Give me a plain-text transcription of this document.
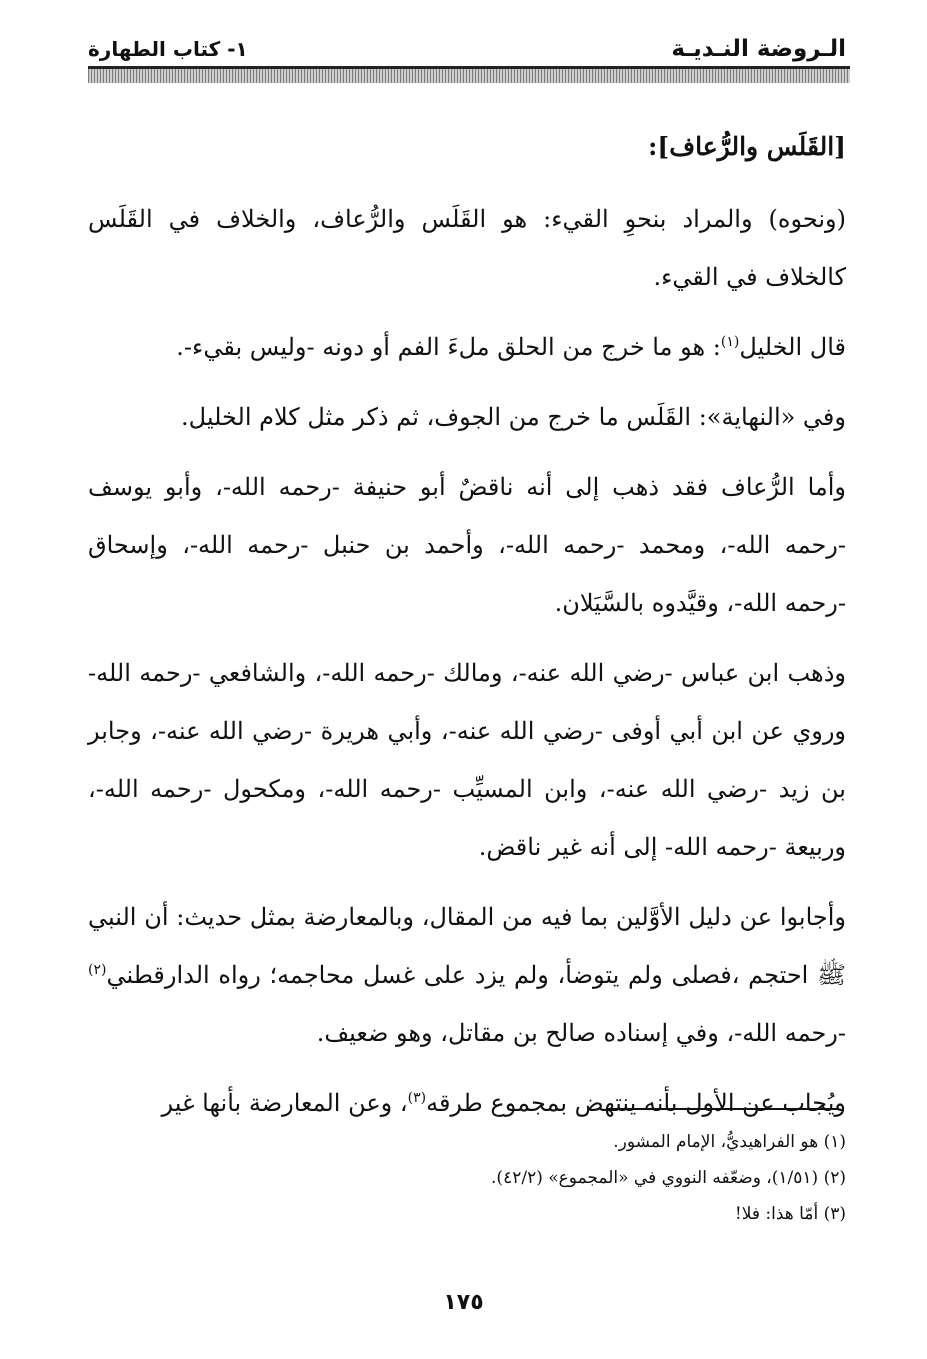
الـروضة النـديـة
١- كتاب الطهارة

[القَلَس والرُّعاف]:

(ونحوه) والمراد بنحوِ القيء: هو القَلَس والرُّعاف، والخلاف في القَلَس كالخلاف في القيء.

قال الخليل$^{(١)}$: هو ما خرج من الحلق ملءَ الفم أو دونه -وليس بقيء-.

وفي «النهاية»: القَلَس ما خرج من الجوف، ثم ذكر مثل كلام الخليل.

وأما الرُّعاف فقد ذهب إلى أنه ناقضٌ أبو حنيفة -رحمه الله-، وأبو يوسف -رحمه الله-، ومحمد -رحمه الله-، وأحمد بن حنبل -رحمه الله-، وإسحاق -رحمه الله-، وقيَّدوه بالسَّيَلان.

وذهب ابن عباس -رضي الله عنه-، ومالك -رحمه الله-، والشافعي -رحمه الله- وروي عن ابن أبي أوفى -رضي الله عنه-، وأبي هريرة -رضي الله عنه-، وجابر بن زيد -رضي الله عنه-، وابن المسيِّب -رحمه الله-، ومكحول -رحمه الله-، وربيعة -رحمه الله- إلى أنه غير ناقض.

وأجابوا عن دليل الأوَّلين بما فيه من المقال، وبالمعارضة بمثل حديث: أن النبي ﷺ احتجم ،فصلى ولم يتوضأ، ولم يزد على غسل محاجمه؛ رواه الدارقطني$^{(٢)}$ -رحمه الله-، وفي إسناده صالح بن مقاتل، وهو ضعيف.

ويُجاب عن الأول بأنه ينتهض بمجموع طرقه$^{(٣)}$، وعن المعارضة بأنها غير

(١) هو الفراهيديُّ، الإمام المشور.
(٢) (١/٥١)، وضعّفه النووي في «المجموع» (٤٢/٢).
(٣) أمّا هذا: فلا!
١٧٥
